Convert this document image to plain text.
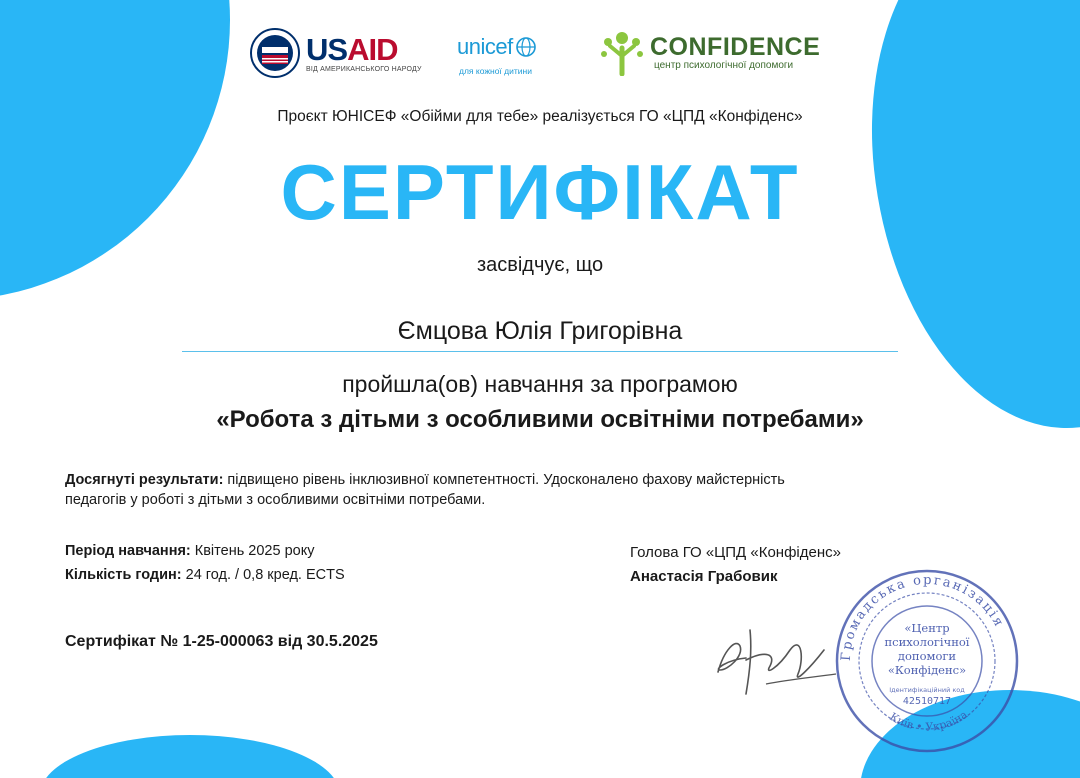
USAID
ВІД АМЕРИКАНСЬКОГО НАРОДУ
unicef
для кожної дитини
CONFIDENCE
центр психологічної допомоги
Проєкт ЮНІСЕФ «Обійми для тебе» реалізується ГО «ЦПД «Конфіденс»
СЕРТИФІКАТ
засвідчує, що
Ємцова Юлія Григорівна
пройшла(ов) навчання за програмою
«Робота з дітьми з особливими освітніми потребами»
Досягнуті результати: підвищено рівень інклюзивної компетентності. Удосконалено фахову майстерність педагогів у роботі з дітьми з особливими освітніми потребами.
Період навчання: Квітень 2025 року
Кількість годин: 24 год. / 0,8 кред. ECTS
Сертифікат № 1-25-000063 від 30.5.2025
Голова ГО «ЦПД «Конфіденс»
Анастасія Грабовик
Громадська організація
Київ • Україна
«Центр
психологічної
допомоги
«Конфіденс»
Ідентифікаційний код
42510717
